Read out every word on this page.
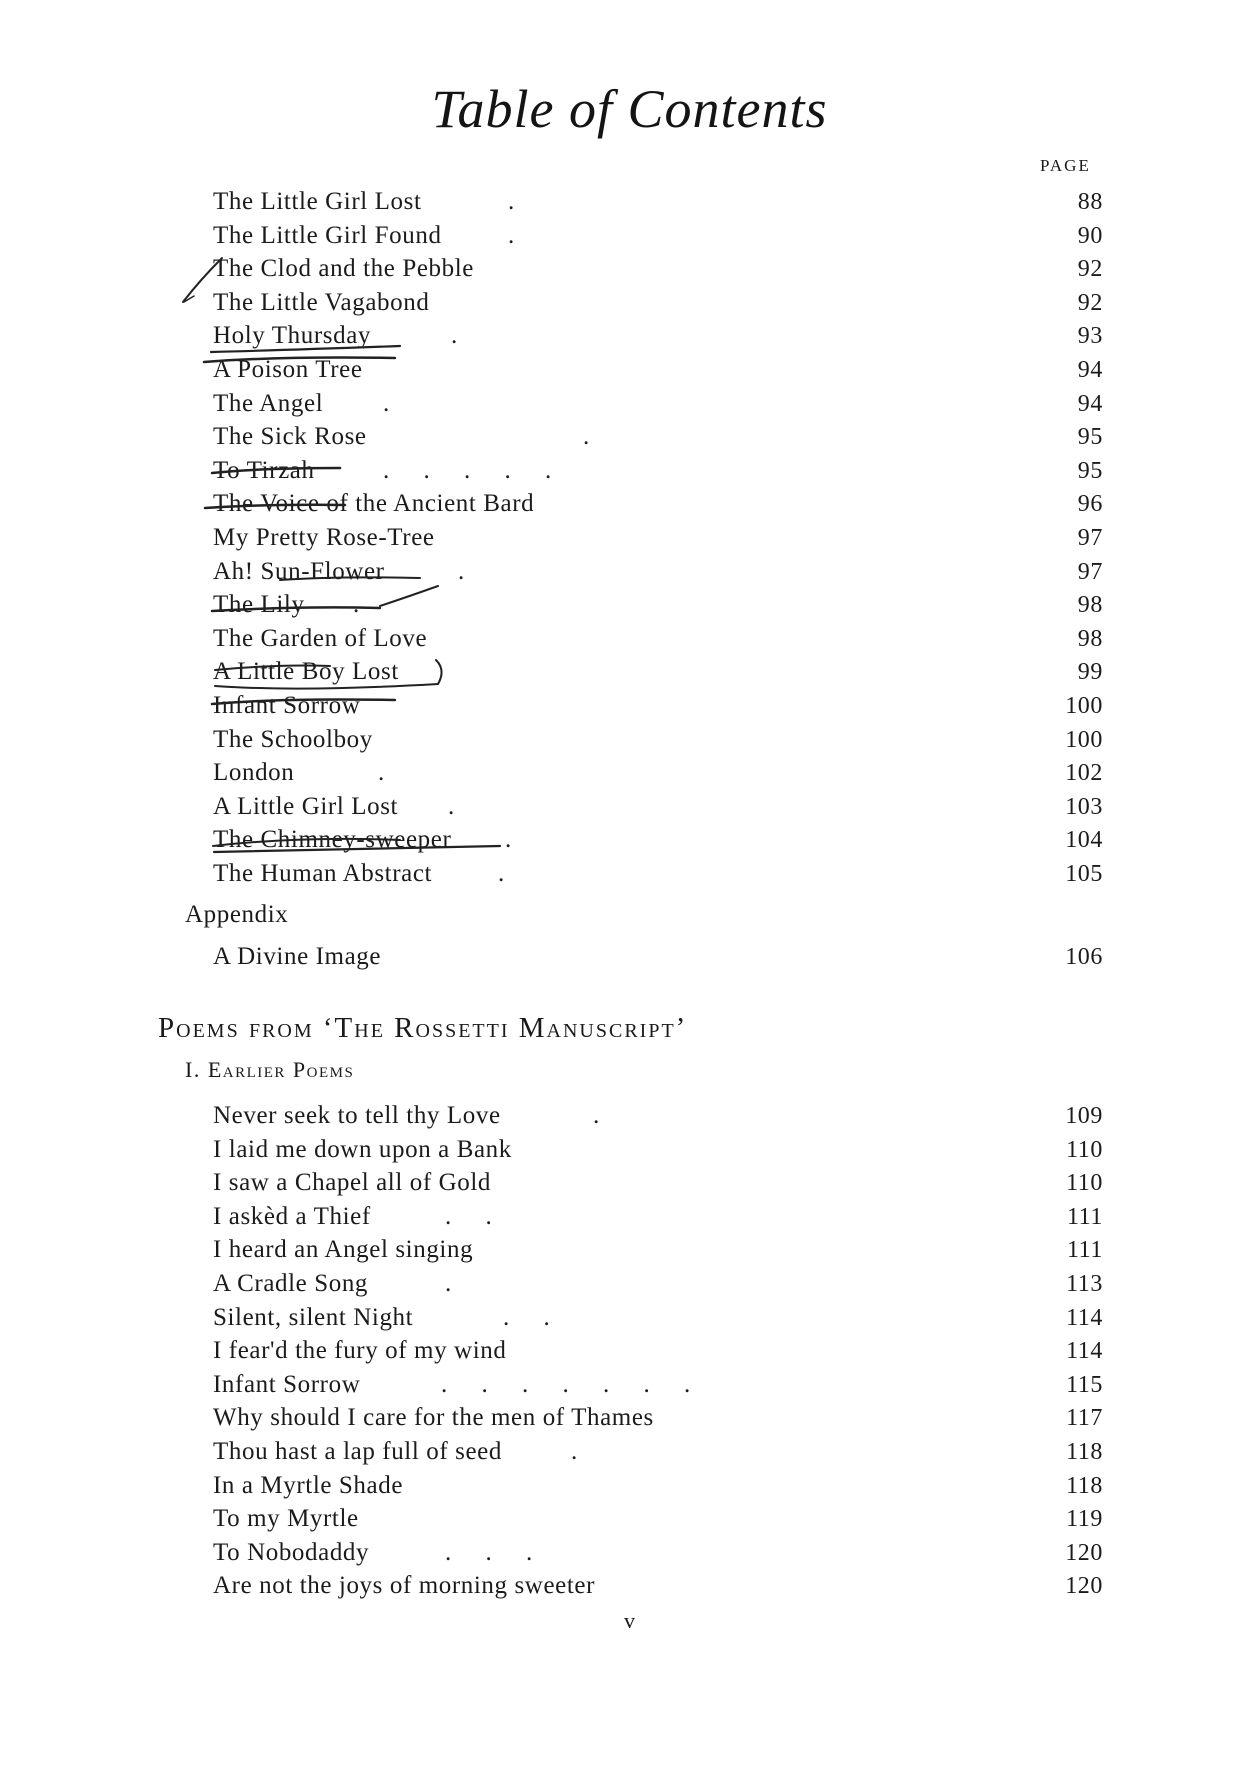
Table of Contents
PAGE
The Little Girl Lost	.	88
The Little Girl Found	.	90
The Clod and the Pebble	92
The Little Vagabond	92
Holy Thursday	.	93
A Poison Tree	94
The Angel .	94
The Sick Rose	.	95
To Tirzah	. . . . .	95
The Voice of the Ancient Bard	96
My Pretty Rose-Tree	97
Ah! Sun-Flower	.	97
The Lily .	98
The Garden of Love	98
A Little Boy Lost	99
Infant Sorrow	100
The Schoolboy	100
London	.	102
A Little Girl Lost .	103
The Chimney-sweeper .	104
The Human Abstract	.	105
Appendix
A Divine Image	106
Poems from ‘The Rossetti Manuscript’
I. Earlier Poems
Never seek to tell thy Love	.	109
I laid me down upon a Bank	110
I saw a Chapel all of Gold	110
I askèd a Thief	. .	111
I heard an Angel singing	111
A Cradle Song	.	113
Silent, silent Night	. .	114
I fear'd the fury of my wind	114
Infant Sorrow	. . . . . . .	115
Why should I care for the men of Thames	117
Thou hast a lap full of seed	.	118
In a Myrtle Shade	118
To my Myrtle	119
To Nobodaddy	. . .	120
Are not the joys of morning sweeter	120
v
